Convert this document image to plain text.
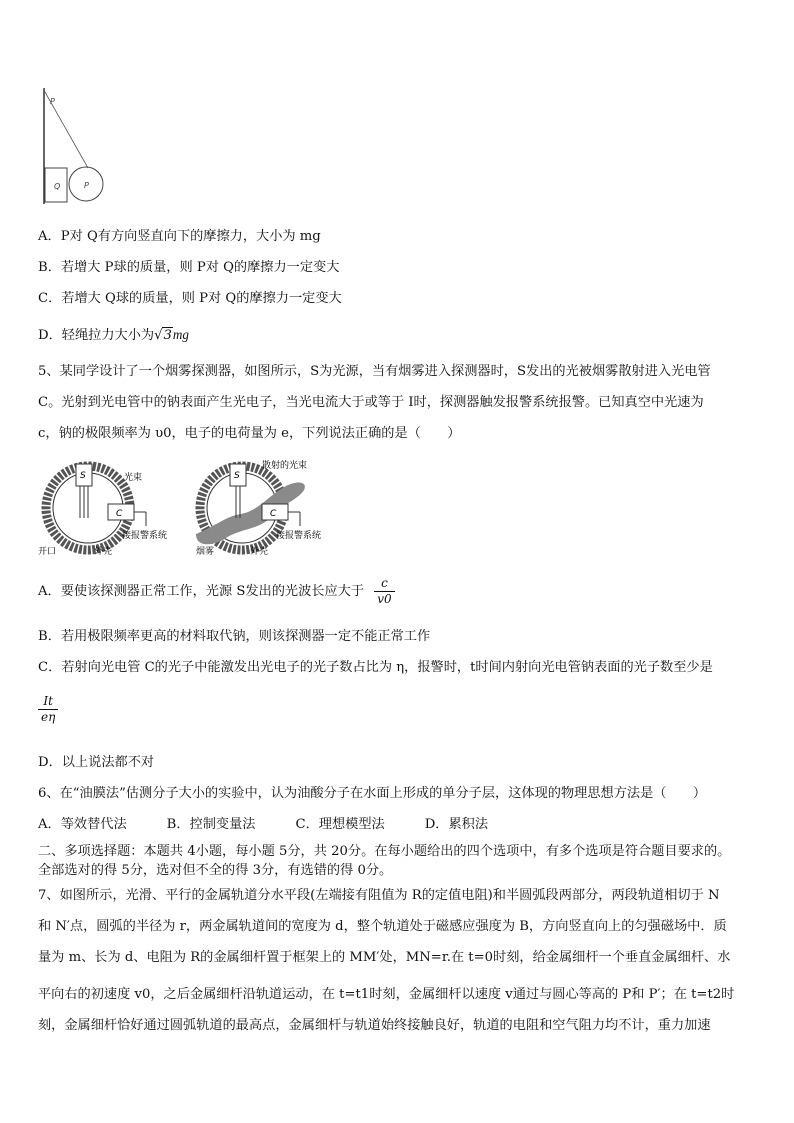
P
Q	P
A．P对 Q有方向竖直向下的摩擦力，大小为 mg
B．若增大 P球的质量，则 P对 Q的摩擦力一定变大
C．若增大 Q球的质量，则 P对 Q的摩擦力一定变大
D．轻绳拉力大小为√3mg
5、某同学设计了一个烟雾探测器，如图所示，S为光源，当有烟雾进入探测器时，S发出的光被烟雾散射进入光电管
C。光射到光电管中的钠表面产生光电子，当光电流大于或等于 I时，探测器触发报警系统报警。已知真空中光速为
c，钠的极限频率为 υ0，电子的电荷量为 e，下列说法正确的是（　　）
S
C
光束
接报警系统
开口	外壳
S
C
散射的光束
接报警系统
烟雾	外壳
A．要使该探测器正常工作，光源 S发出的光波长应大于 $\frac{c}{v0}$
B．若用极限频率更高的材料取代钠，则该探测器一定不能正常工作
C．若射向光电管 C的光子中能激发出光电子的光子数占比为 η，报警时，t时间内射向光电管钠表面的光子数至少是
$\frac{It}{e\eta}$
D．以上说法都不对
6、在“油膜法”估测分子大小的实验中，认为油酸分子在水面上形成的单分子层，这体现的物理思想方法是（　　）
A．等效替代法	B．控制变量法	C．理想模型法	D．累积法
二、多项选择题：本题共 4小题，每小题 5分，共 20分。在每小题给出的四个选项中，有多个选项是符合题目要求的。
全部选对的得 5分，选对但不全的得 3分，有选错的得 0分。
7、如图所示，光滑、平行的金属轨道分水平段(左端接有阻值为 R的定值电阻)和半圆弧段两部分，两段轨道相切于 N
和 N′点，圆弧的半径为 r，两金属轨道间的宽度为 d，整个轨道处于磁感应强度为 B，方向竖直向上的匀强磁场中．质
量为 m、长为 d、电阻为 R的金属细杆置于框架上的 MM′处，MN=r.在 t=0时刻，给金属细杆一个垂直金属细杆、水
平向右的初速度 v0，之后金属细杆沿轨道运动，在 t=t1时刻，金属细杆以速度 v通过与圆心等高的 P和 P′；在 t=t2时
刻，金属细杆恰好通过圆弧轨道的最高点，金属细杆与轨道始终接触良好，轨道的电阻和空气阻力均不计，重力加速
